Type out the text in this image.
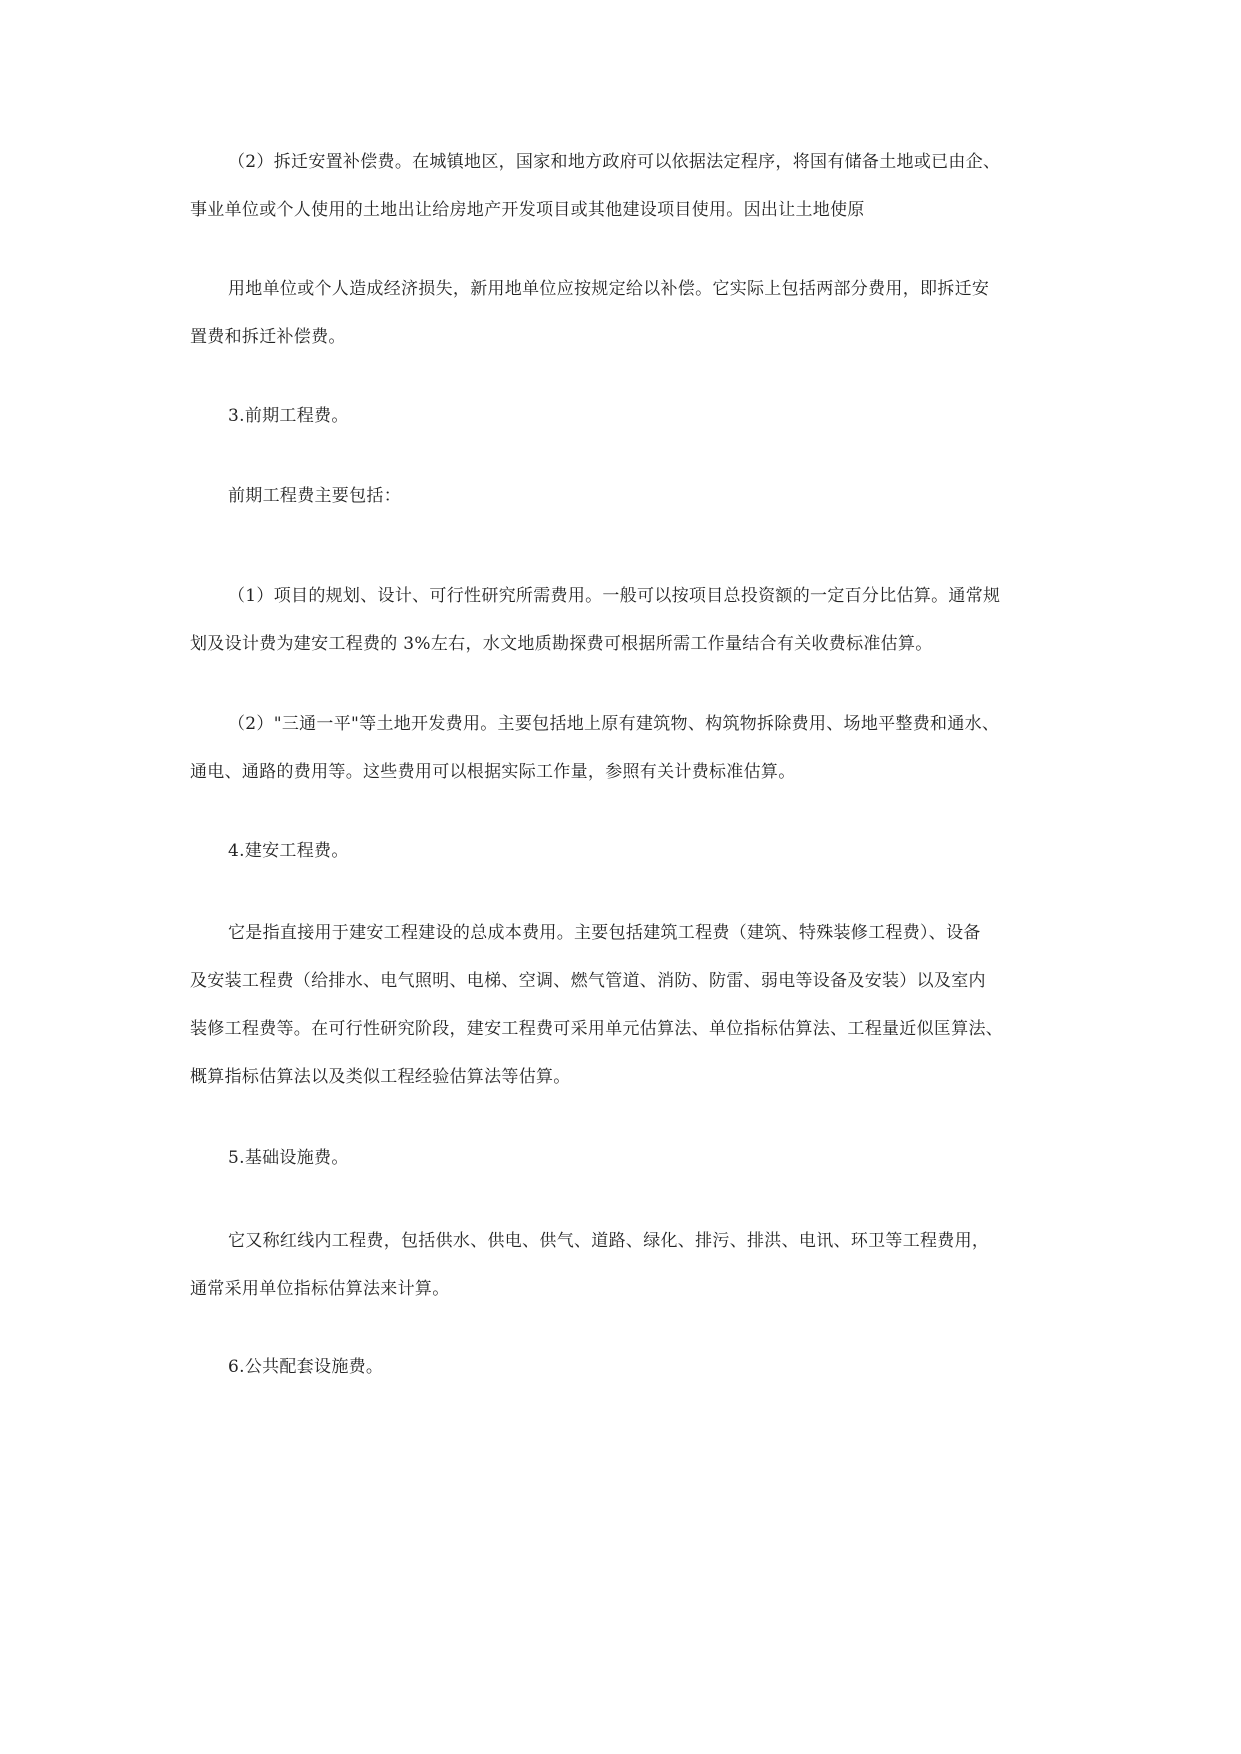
（2）拆迁安置补偿费。在城镇地区，国家和地方政府可以依据法定程序，将国有储备土地或已由企、
事业单位或个人使用的土地出让给房地产开发项目或其他建设项目使用。因出让土地使原

用地单位或个人造成经济损失，新用地单位应按规定给以补偿。它实际上包括两部分费用，即拆迁安
置费和拆迁补偿费。

3.前期工程费。

前期工程费主要包括：

（1）项目的规划、设计、可行性研究所需费用。一般可以按项目总投资额的一定百分比估算。通常规
划及设计费为建安工程费的 3%左右，水文地质勘探费可根据所需工作量结合有关收费标准估算。

（2）"三通一平"等土地开发费用。主要包括地上原有建筑物、构筑物拆除费用、场地平整费和通水、
通电、通路的费用等。这些费用可以根据实际工作量，参照有关计费标准估算。

4.建安工程费。

它是指直接用于建安工程建设的总成本费用。主要包括建筑工程费（建筑、特殊装修工程费）、设备
及安装工程费（给排水、电气照明、电梯、空调、燃气管道、消防、防雷、弱电等设备及安装）以及室内
装修工程费等。在可行性研究阶段，建安工程费可采用单元估算法、单位指标估算法、工程量近似匡算法、
概算指标估算法以及类似工程经验估算法等估算。

5.基础设施费。

它又称红线内工程费，包括供水、供电、供气、道路、绿化、排污、排洪、电讯、环卫等工程费用，
通常采用单位指标估算法来计算。

6.公共配套设施费。
